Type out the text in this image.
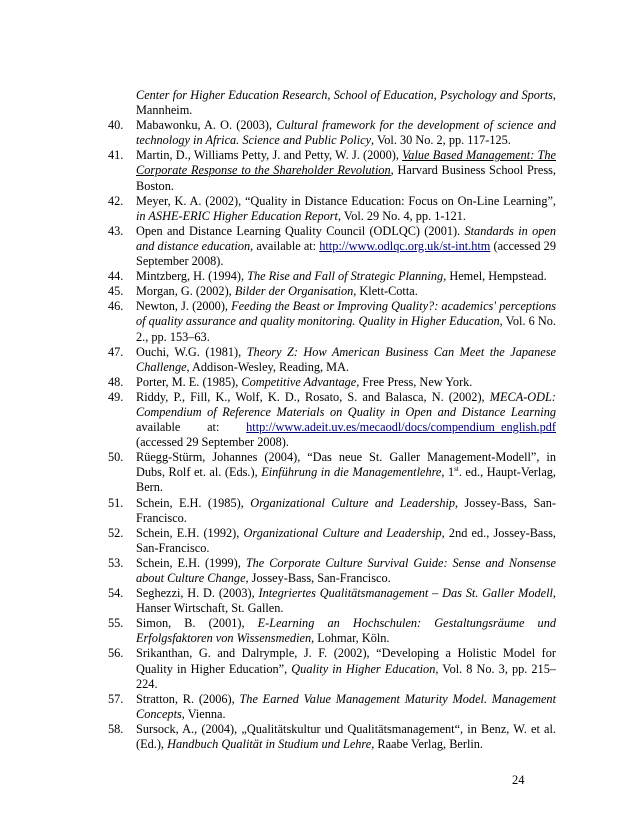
Center for Higher Education Research, School of Education, Psychology and Sports, Mannheim.
40. Mabawonku, A. O. (2003), Cultural framework for the development of science and technology in Africa. Science and Public Policy, Vol. 30 No. 2, pp. 117-125.
41. Martin, D., Williams Petty, J. and Petty, W. J. (2000), Value Based Management: The Corporate Response to the Shareholder Revolution, Harvard Business School Press, Boston.
42. Meyer, K. A. (2002), “Quality in Distance Education: Focus on On-Line Learning”, in ASHE-ERIC Higher Education Report, Vol. 29 No. 4, pp. 1-121.
43. Open and Distance Learning Quality Council (ODLQC) (2001). Standards in open and distance education, available at: http://www.odlqc.org.uk/st-int.htm (accessed 29 September 2008).
44. Mintzberg, H. (1994), The Rise and Fall of Strategic Planning, Hemel, Hempstead.
45. Morgan, G. (2002), Bilder der Organisation, Klett-Cotta.
46. Newton, J. (2000), Feeding the Beast or Improving Quality?: academics' perceptions of quality assurance and quality monitoring. Quality in Higher Education, Vol. 6 No. 2., pp. 153–63.
47. Ouchi, W.G. (1981), Theory Z: How American Business Can Meet the Japanese Challenge, Addison-Wesley, Reading, MA.
48. Porter, M. E. (1985), Competitive Advantage, Free Press, New York.
49. Riddy, P., Fill, K., Wolf, K. D., Rosato, S. and Balasca, N. (2002), MECA-ODL: Compendium of Reference Materials on Quality in Open and Distance Learning available at: http://www.adeit.uv.es/mecaodl/docs/compendium_english.pdf (accessed 29 September 2008).
50. Rüegg-Stürm, Johannes (2004), “Das neue St. Galler Management-Modell”, in Dubs, Rolf et. al. (Eds.), Einführung in die Managementlehre, 1st. ed., Haupt-Verlag, Bern.
51. Schein, E.H. (1985), Organizational Culture and Leadership, Jossey-Bass, San-Francisco.
52. Schein, E.H. (1992), Organizational Culture and Leadership, 2nd ed., Jossey-Bass, San-Francisco.
53. Schein, E.H. (1999), The Corporate Culture Survival Guide: Sense and Nonsense about Culture Change, Jossey-Bass, San-Francisco.
54. Seghezzi, H. D. (2003), Integriertes Qualitätsmanagement – Das St. Galler Modell, Hanser Wirtschaft, St. Gallen.
55. Simon, B. (2001), E-Learning an Hochschulen: Gestaltungsräume und Erfolgsfaktoren von Wissensmedien, Lohmar, Köln.
56. Srikanthan, G. and Dalrymple, J. F. (2002), “Developing a Holistic Model for Quality in Higher Education”, Quality in Higher Education, Vol. 8 No. 3, pp. 215–224.
57. Stratton, R. (2006), The Earned Value Management Maturity Model. Management Concepts, Vienna.
58. Sursock, A., (2004), „Qualitätskultur und Qualitätsmanagement“, in Benz, W. et al. (Ed.), Handbuch Qualität in Studium und Lehre, Raabe Verlag, Berlin.
24
